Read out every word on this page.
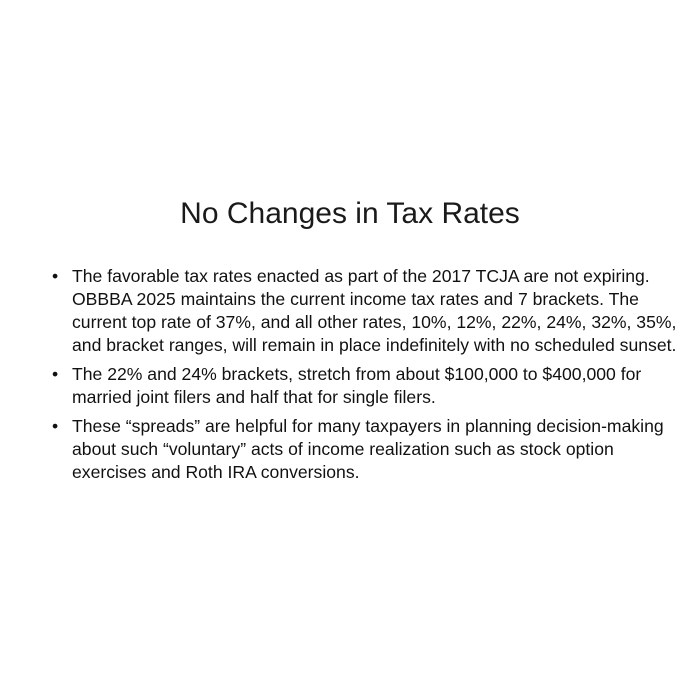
No Changes in Tax Rates
• The favorable tax rates enacted as part of the 2017 TCJA are not expiring. OBBBA 2025 maintains the current income tax rates and 7 brackets. The current top rate of 37%, and all other rates, 10%, 12%, 22%, 24%, 32%, 35%, and bracket ranges, will remain in place indefinitely with no scheduled sunset.
• The 22% and 24% brackets, stretch from about $100,000 to $400,000 for married joint filers and half that for single filers.
• These “spreads” are helpful for many taxpayers in planning decision-making about such “voluntary” acts of income realization such as stock option exercises and Roth IRA conversions.
